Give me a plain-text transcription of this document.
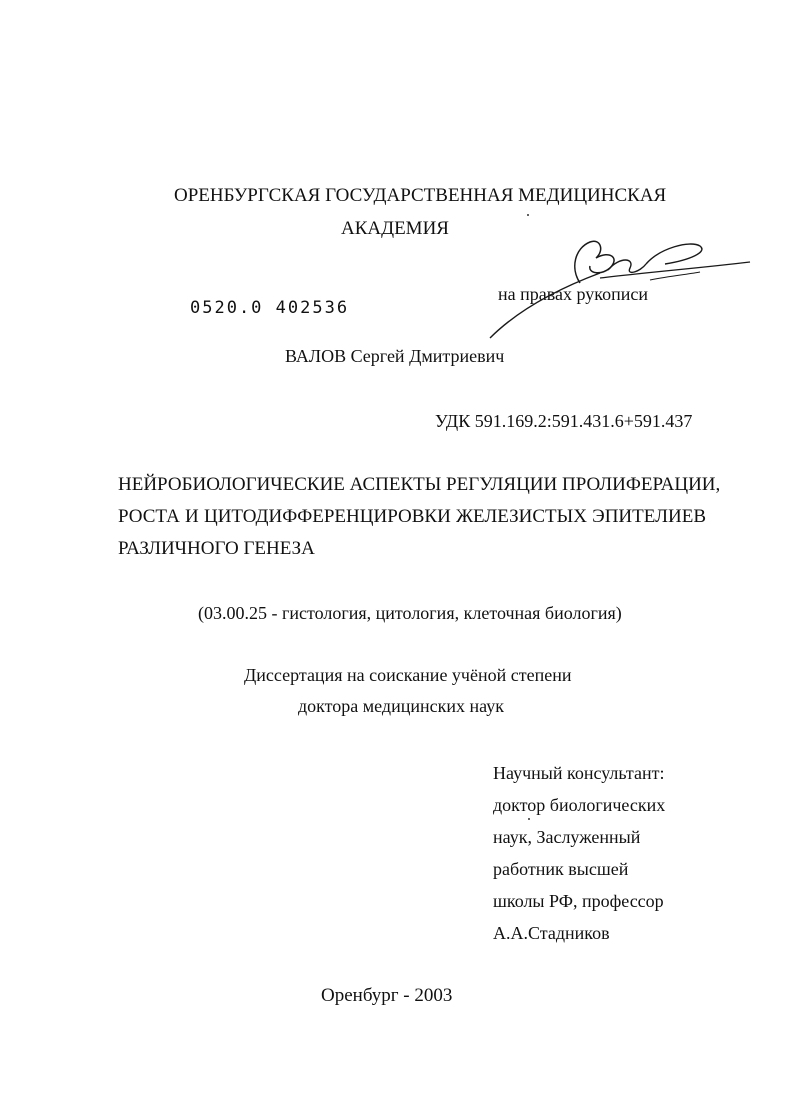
ОРЕНБУРГСКАЯ ГОСУДАРСТВЕННАЯ МЕДИЦИНСКАЯ
АКАДЕМИЯ
0520.0 402536
на правах рукописи
ВАЛОВ Сергей Дмитриевич
УДК 591.169.2:591.431.6+591.437
НЕЙРОБИОЛОГИЧЕСКИЕ АСПЕКТЫ РЕГУЛЯЦИИ ПРОЛИФЕРАЦИИ,
РОСТА И ЦИТОДИФФЕРЕНЦИРОВКИ ЖЕЛЕЗИСТЫХ ЭПИТЕЛИЕВ
РАЗЛИЧНОГО ГЕНЕЗА
(03.00.25 - гистология, цитология, клеточная биология)
Диссертация на соискание учёной степени
доктора медицинских наук
Научный консультант:
доктор биологических
наук, Заслуженный
работник высшей
школы РФ, профессор
А.А.Стадников
Оренбург - 2003
